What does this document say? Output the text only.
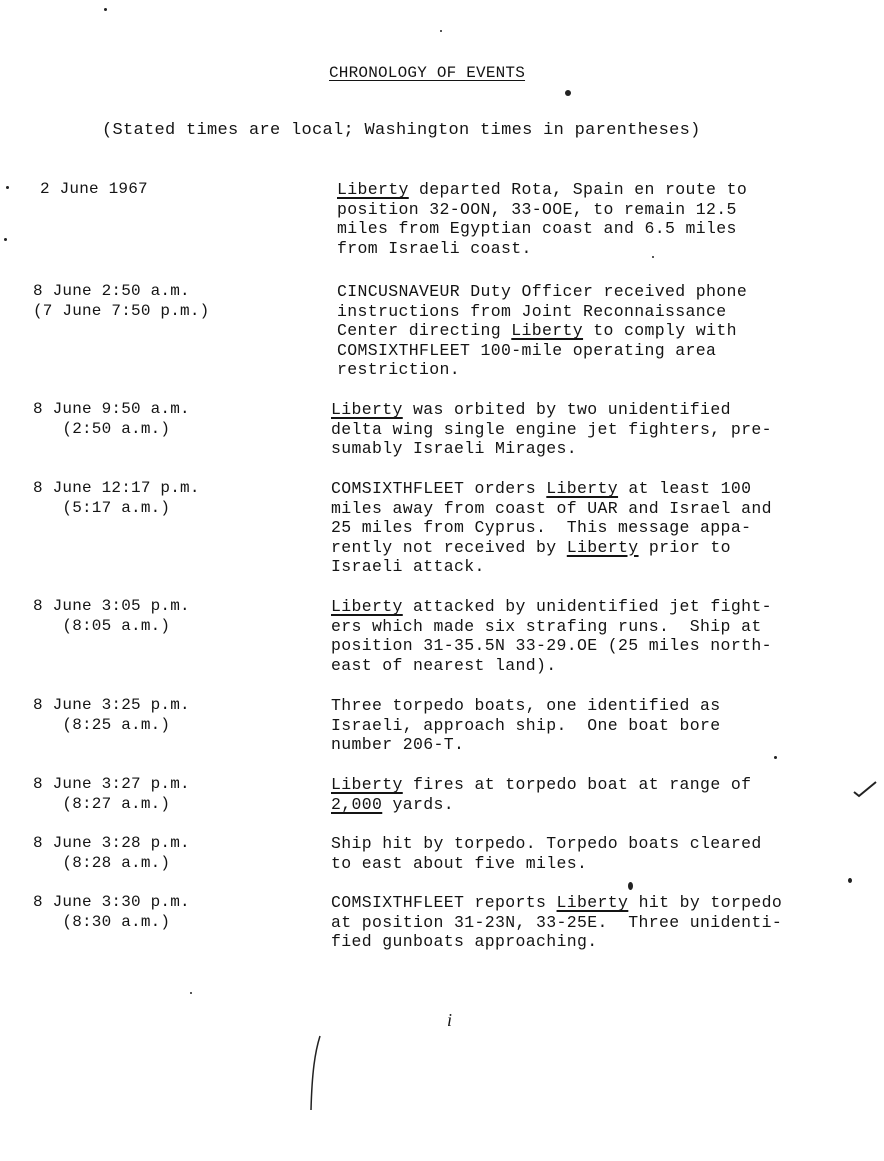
CHRONOLOGY OF EVENTS

(Stated times are local; Washington times in parentheses)

2 June 1967	Liberty departed Rota, Spain en route to
position 32-OON, 33-OOE, to remain 12.5
miles from Egyptian coast and 6.5 miles
from Israeli coast.
8 June 2:50 a.m.
(7 June 7:50 p.m.)
CINCUSNAVEUR Duty Officer received phone
instructions from Joint Reconnaissance
Center directing Liberty to comply with
COMSIXTHFLEET 100-mile operating area
restriction.
8 June 9:50 a.m.
(2:50 a.m.)
Liberty was orbited by two unidentified
delta wing single engine jet fighters, pre-
sumably Israeli Mirages.
8 June 12:17 p.m.
(5:17 a.m.)
COMSIXTHFLEET orders Liberty at least 100
miles away from coast of UAR and Israel and
25 miles from Cyprus.  This message appa-
rently not received by Liberty prior to
Israeli attack.
8 June 3:05 p.m.
(8:05 a.m.)
Liberty attacked by unidentified jet fight-
ers which made six strafing runs.  Ship at
position 31-35.5N 33-29.OE (25 miles north-
east of nearest land).
8 June 3:25 p.m.
(8:25 a.m.)
Three torpedo boats, one identified as
Israeli, approach ship.  One boat bore
number 206-T.
8 June 3:27 p.m.
(8:27 a.m.)
Liberty fires at torpedo boat at range of
2,000 yards.
8 June 3:28 p.m.
(8:28 a.m.)
Ship hit by torpedo. Torpedo boats cleared
to east about five miles.
8 June 3:30 p.m.
(8:30 a.m.)
COMSIXTHFLEET reports Liberty hit by torpedo
at position 31-23N, 33-25E.  Three unidenti-
fied gunboats approaching.
i
